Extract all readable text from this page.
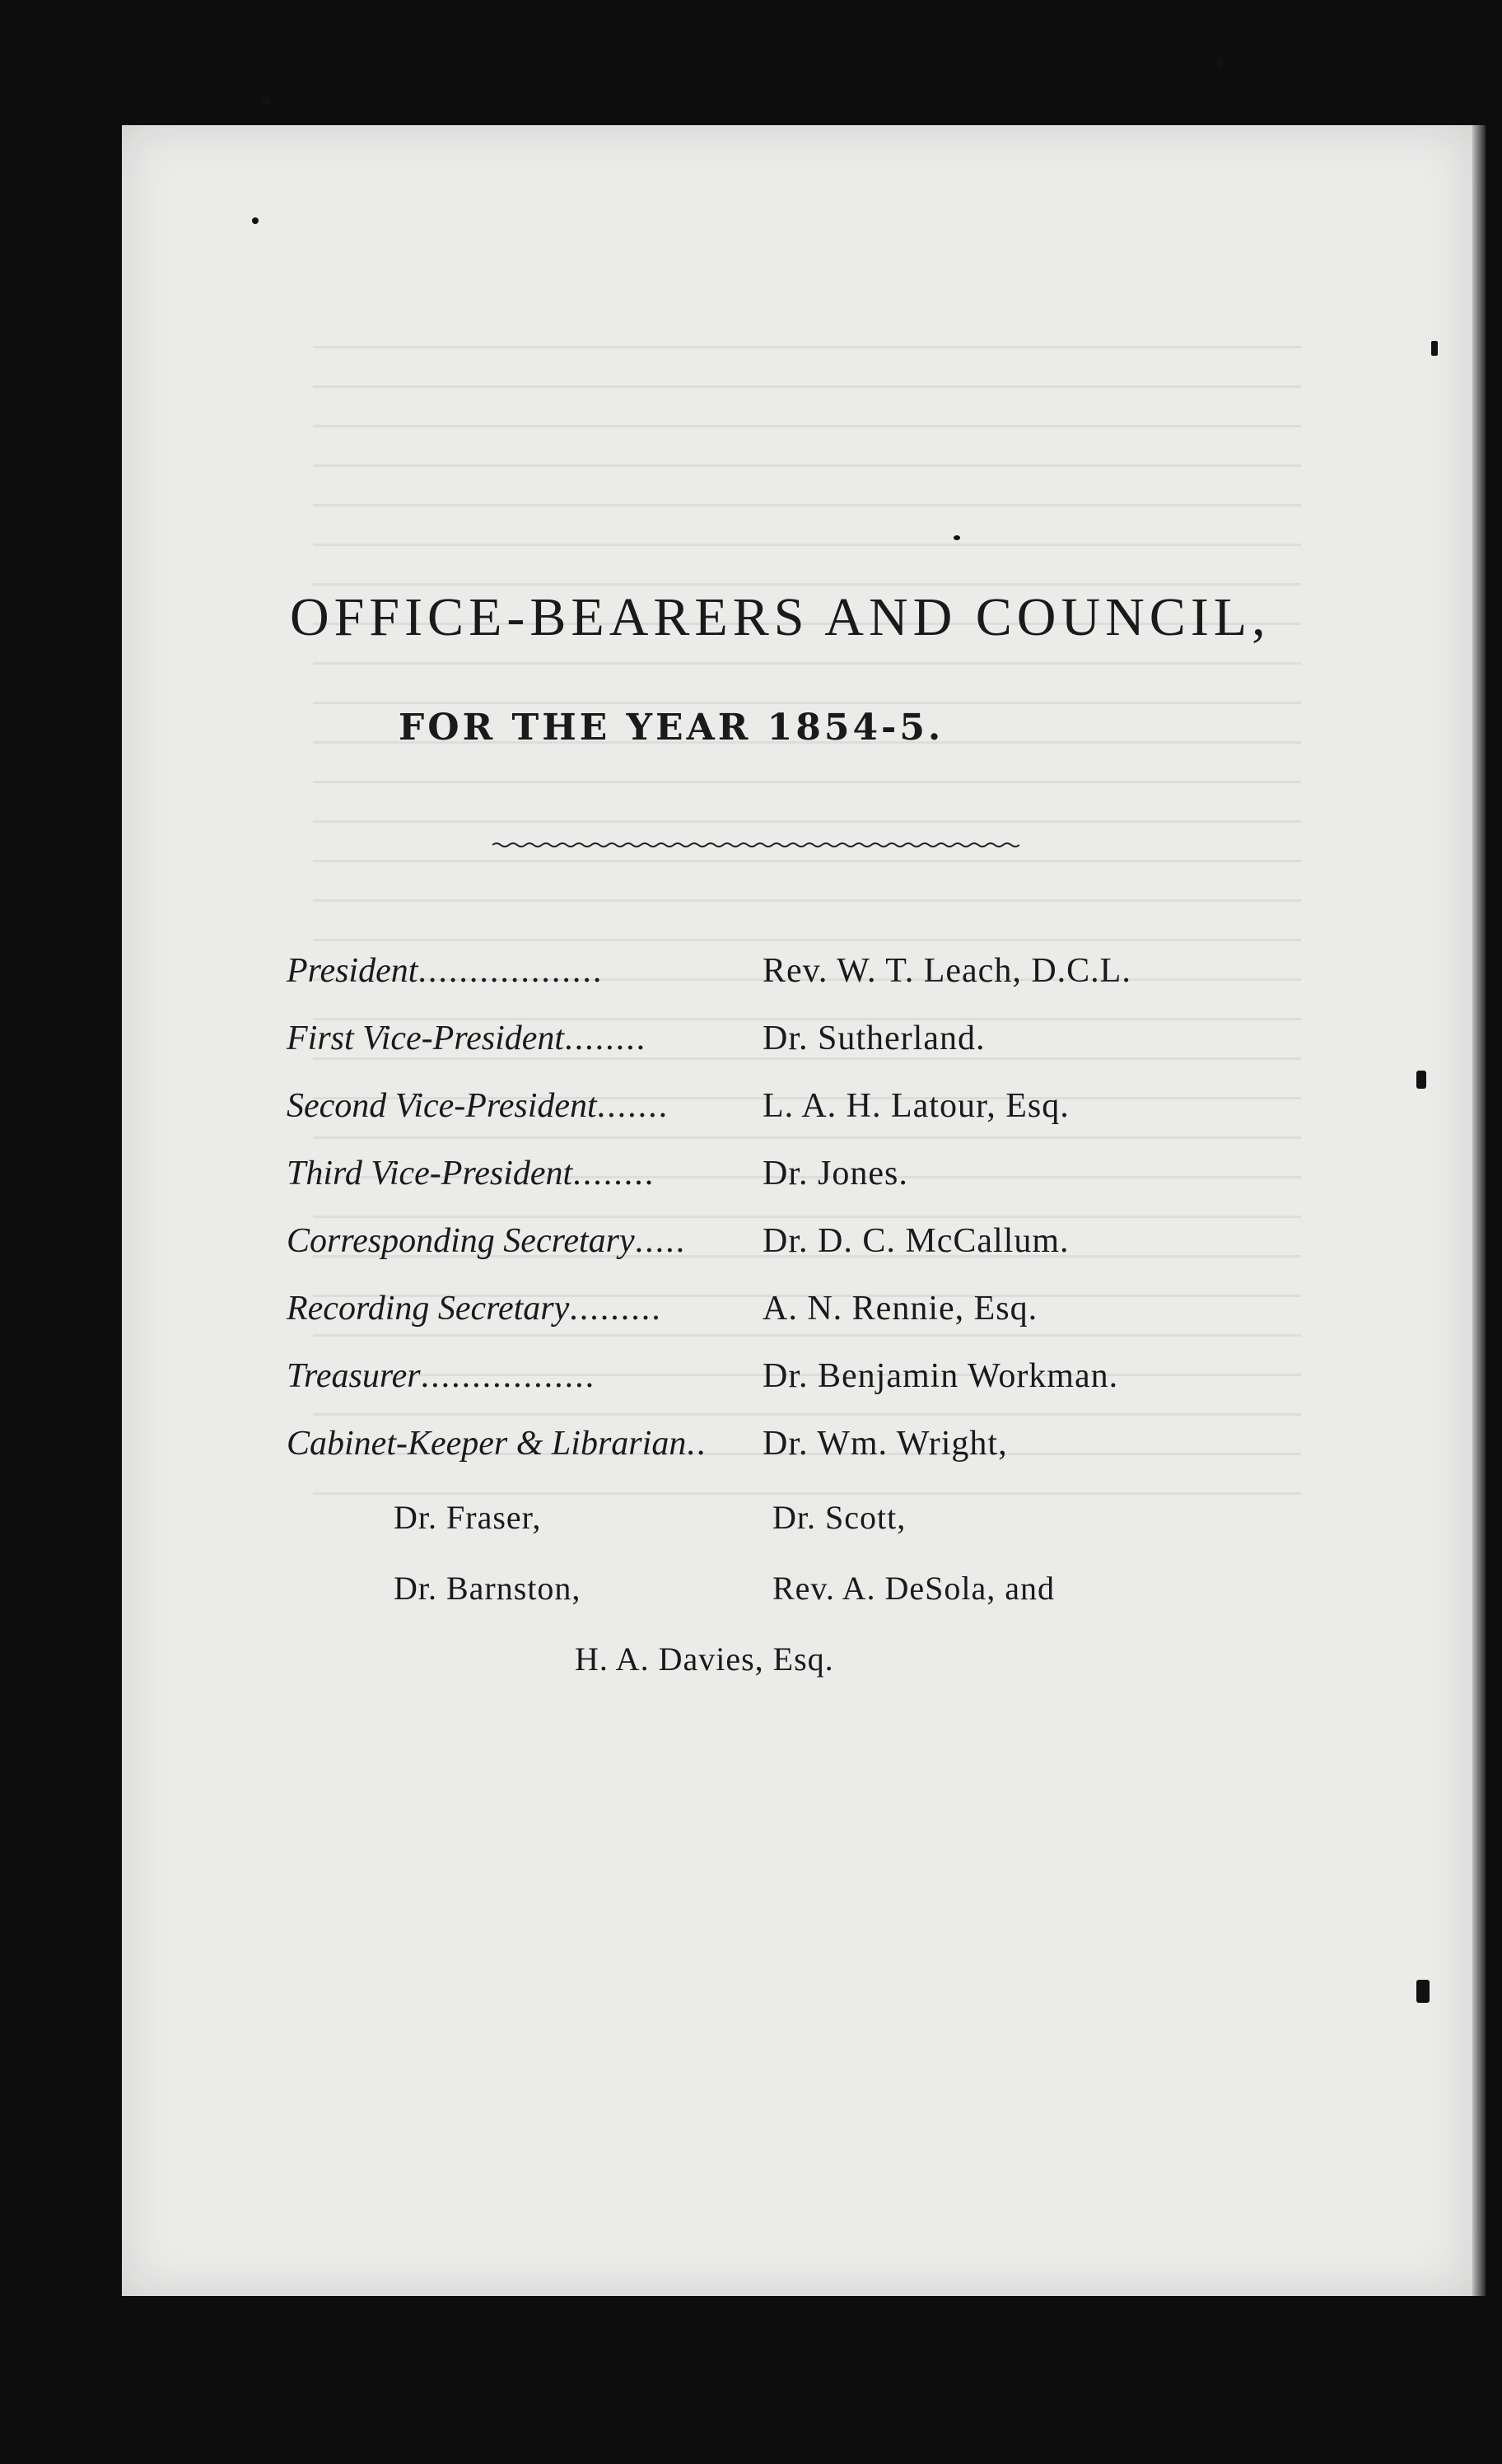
OFFICE-BEARERS AND COUNCIL,
FOR THE YEAR 1854-5.
President..................	Rev. W. T. Leach, D.C.L.
First Vice-President........	Dr. Sutherland.
Second Vice-President.......	L. A. H. Latour, Esq.
Third Vice-President........	Dr. Jones.
Corresponding Secretary..... Dr. D. C. McCallum.
Recording Secretary.........	A. N. Rennie, Esq.
Treasurer.................	Dr. Benjamin Workman.
Cabinet-Keeper & Librarian.. Dr. Wm. Wright,
Dr. Fraser,	Dr. Scott,
Dr. Barnston,	Rev. A. DeSola, and
H. A. Davies, Esq.
